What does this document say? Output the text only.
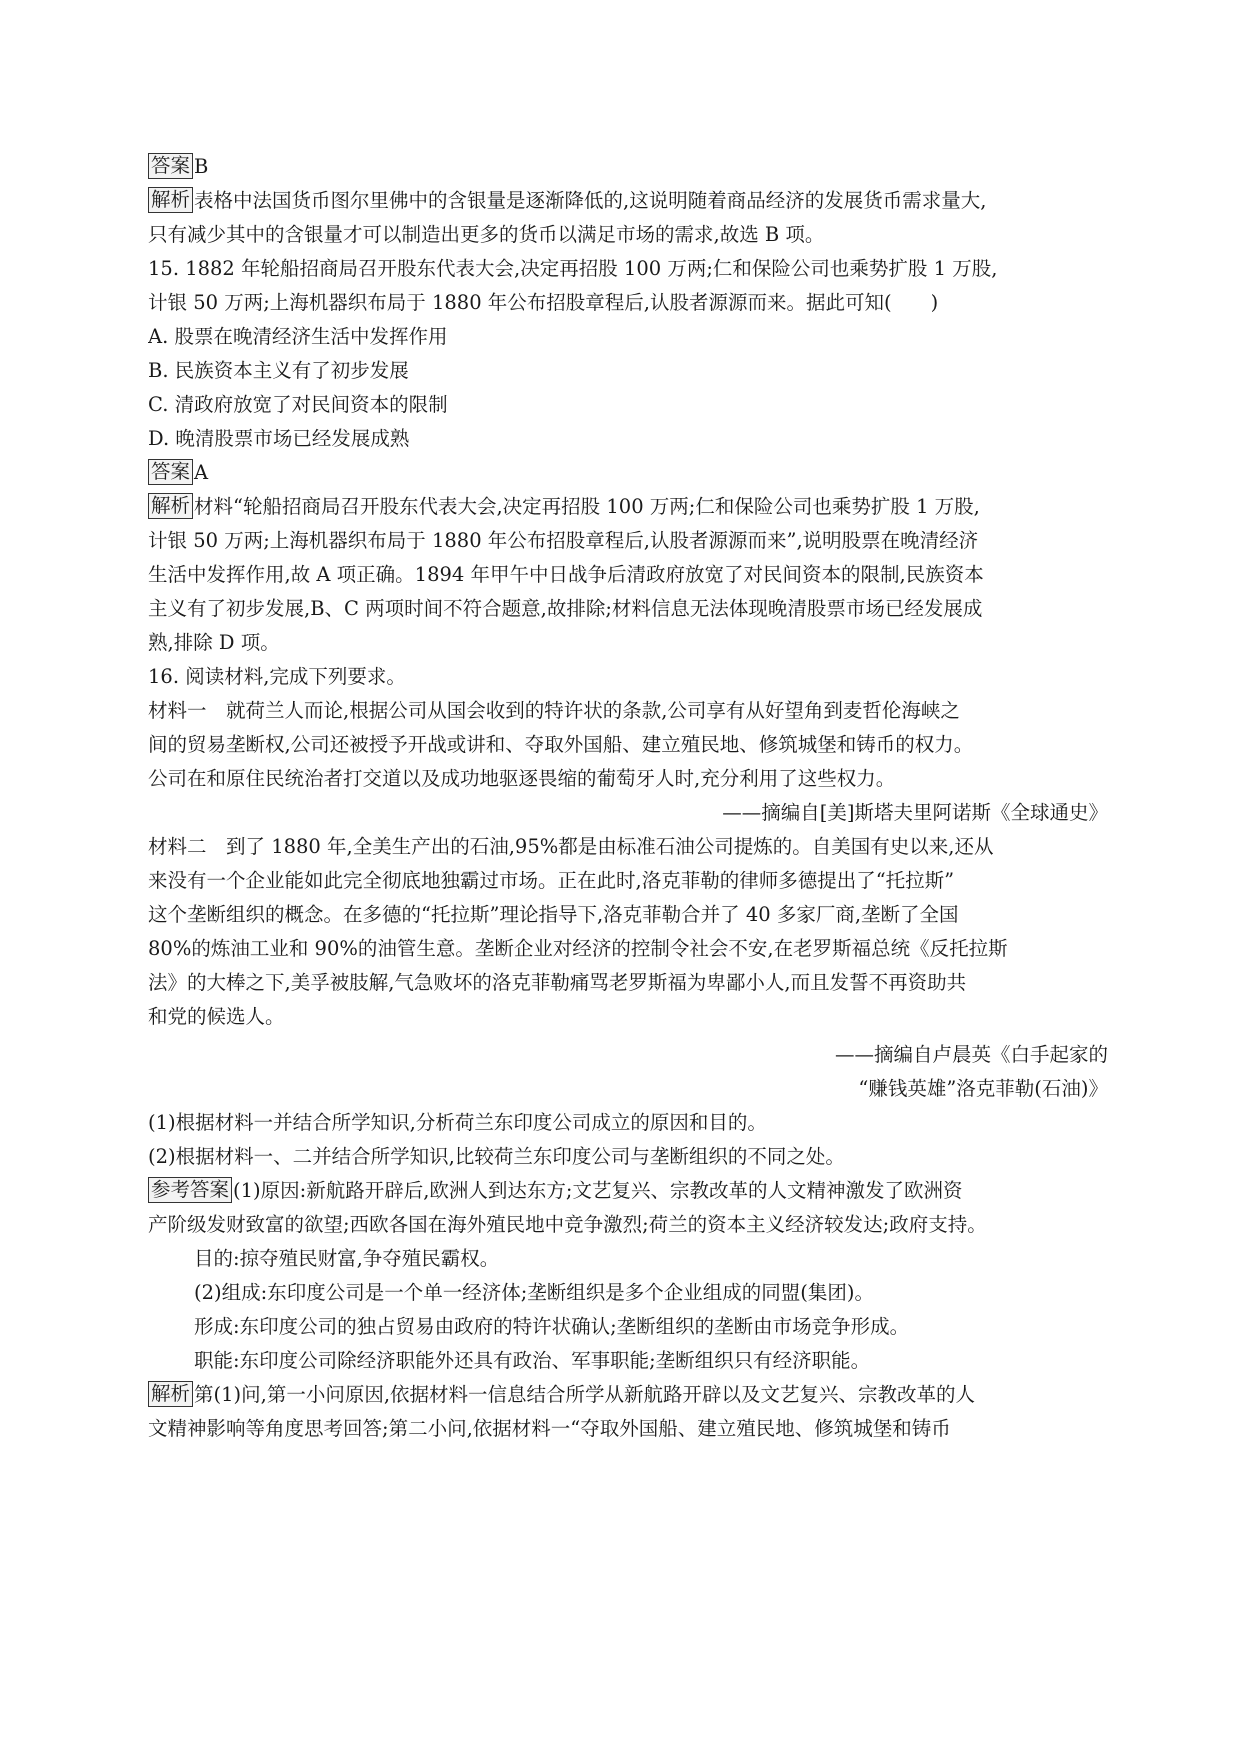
答案 B
解析 表格中法国货币图尔里佛中的含银量是逐渐降低的,这说明随着商品经济的发展货币需求量大,
只有减少其中的含银量才可以制造出更多的货币以满足市场的需求,故选 B 项。
15. 1882 年轮船招商局召开股东代表大会,决定再招股 100 万两;仁和保险公司也乘势扩股 1 万股,
计银 50 万两;上海机器织布局于 1880 年公布招股章程后,认股者源源而来。据此可知(　　)
A. 股票在晚清经济生活中发挥作用
B. 民族资本主义有了初步发展
C. 清政府放宽了对民间资本的限制
D. 晚清股票市场已经发展成熟
答案 A
解析 材料“轮船招商局召开股东代表大会,决定再招股 100 万两;仁和保险公司也乘势扩股 1 万股,
计银 50 万两;上海机器织布局于 1880 年公布招股章程后,认股者源源而来”,说明股票在晚清经济
生活中发挥作用,故 A 项正确。1894 年甲午中日战争后清政府放宽了对民间资本的限制,民族资本
主义有了初步发展,B、C 两项时间不符合题意,故排除;材料信息无法体现晚清股票市场已经发展成
熟,排除 D 项。
16. 阅读材料,完成下列要求。
材料一　就荷兰人而论,根据公司从国会收到的特许状的条款,公司享有从好望角到麦哲伦海峡之
间的贸易垄断权,公司还被授予开战或讲和、夺取外国船、建立殖民地、修筑城堡和铸币的权力。
公司在和原住民统治者打交道以及成功地驱逐畏缩的葡萄牙人时,充分利用了这些权力。
——摘编自[美]斯塔夫里阿诺斯《全球通史》
材料二　到了 1880 年,全美生产出的石油,95%都是由标准石油公司提炼的。自美国有史以来,还从
来没有一个企业能如此完全彻底地独霸过市场。正在此时,洛克菲勒的律师多德提出了“托拉斯”
这个垄断组织的概念。在多德的“托拉斯”理论指导下,洛克菲勒合并了 40 多家厂商,垄断了全国
80%的炼油工业和 90%的油管生意。垄断企业对经济的控制令社会不安,在老罗斯福总统《反托拉斯
法》的大棒之下,美孚被肢解,气急败坏的洛克菲勒痛骂老罗斯福为卑鄙小人,而且发誓不再资助共
和党的候选人。
——摘编自卢晨英《白手起家的
“赚钱英雄”洛克菲勒(石油)》
(1)根据材料一并结合所学知识,分析荷兰东印度公司成立的原因和目的。
(2)根据材料一、二并结合所学知识,比较荷兰东印度公司与垄断组织的不同之处。
参考答案 (1)原因:新航路开辟后,欧洲人到达东方;文艺复兴、宗教改革的人文精神激发了欧洲资
产阶级发财致富的欲望;西欧各国在海外殖民地中竞争激烈;荷兰的资本主义经济较发达;政府支持。
目的:掠夺殖民财富,争夺殖民霸权。
(2)组成:东印度公司是一个单一经济体;垄断组织是多个企业组成的同盟(集团)。
形成:东印度公司的独占贸易由政府的特许状确认;垄断组织的垄断由市场竞争形成。
职能:东印度公司除经济职能外还具有政治、军事职能;垄断组织只有经济职能。
解析 第(1)问,第一小问原因,依据材料一信息结合所学从新航路开辟以及文艺复兴、宗教改革的人
文精神影响等角度思考回答;第二小问,依据材料一“夺取外国船、建立殖民地、修筑城堡和铸币
